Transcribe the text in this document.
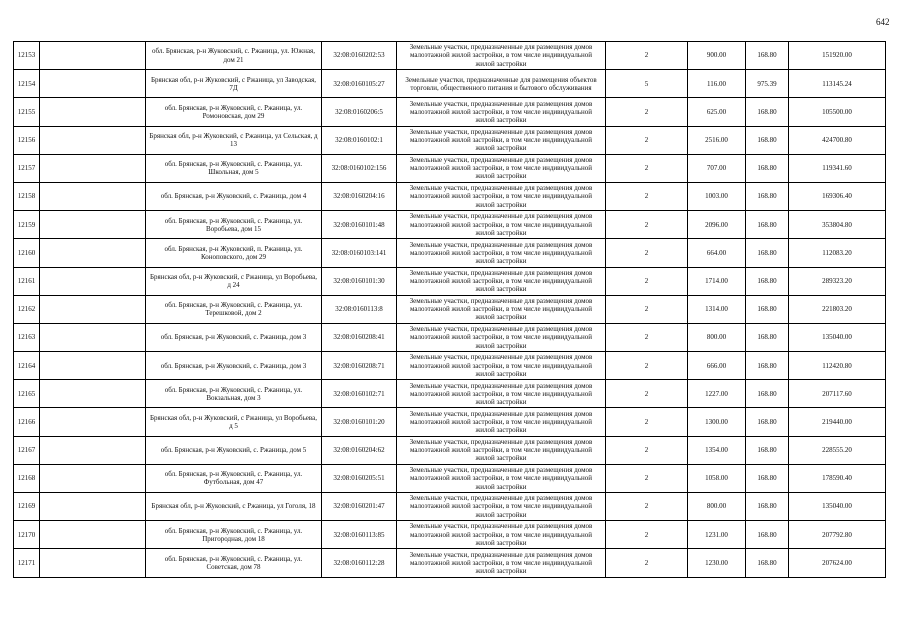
642
12153		обл. Брянская, р-н Жуковский, с. Ржаница, ул. Южная, дом 21	32:08:0160202:53	Земельные участки, предназначенные для размещения домов малоэтажной жилой застройки, в том числе индивидуальной жилой застройки	2	900.00	168.80	151920.00
12154		Брянская обл, р-н Жуковский, с Ржаница, ул Заводская, 7Д	32:08:0160105:27	Земельные участки, предназначенные для размещения объектов торговли, общественного питания и бытового обслуживания	5	116.00	975.39	113145.24
12155		обл. Брянская, р-н Жуковский, с. Ржаница, ул. Ромоновская, дом 29	32:08:0160206:5	Земельные участки, предназначенные для размещения домов малоэтажной жилой застройки, в том числе индивидуальной жилой застройки	2	625.00	168.80	105500.00
12156		Брянская обл, р-н Жуковский, с Ржаница, ул Сельская, д 13	32:08:0160102:1	Земельные участки, предназначенные для размещения домов малоэтажной жилой застройки, в том числе индивидуальной жилой застройки	2	2516.00	168.80	424700.80
12157		обл. Брянская, р-н Жуковский, с. Ржаница, ул. Школьная, дом 5	32:08:0160102:156	Земельные участки, предназначенные для размещения домов малоэтажной жилой застройки, в том числе индивидуальной жилой застройки	2	707.00	168.80	119341.60
12158		обл. Брянская, р-н Жуковский, с. Ржаница, дом 4	32:08:0160204:16	Земельные участки, предназначенные для размещения домов малоэтажной жилой застройки, в том числе индивидуальной жилой застройки	2	1003.00	168.80	169306.40
12159		обл. Брянская, р-н Жуковский, с. Ржаница, ул. Воробьева, дом 15	32:08:0160101:48	Земельные участки, предназначенные для размещения домов малоэтажной жилой застройки, в том числе индивидуальной жилой застройки	2	2096.00	168.80	353804.80
12160		обл. Брянская, р-н Жуковский, п. Ржаница, ул. Коноповского, дом 29	32:08:0160103:141	Земельные участки, предназначенные для размещения домов малоэтажной жилой застройки, в том числе индивидуальной жилой застройки	2	664.00	168.80	112083.20
12161		Брянская обл, р-н Жуковский, с Ржаница, ул Воробьева, д 24	32:08:0160101:30	Земельные участки, предназначенные для размещения домов малоэтажной жилой застройки, в том числе индивидуальной жилой застройки	2	1714.00	168.80	289323.20
12162		обл. Брянская, р-н Жуковский, с. Ржаница, ул. Терешковой, дом 2	32:08:0160113:8	Земельные участки, предназначенные для размещения домов малоэтажной жилой застройки, в том числе индивидуальной жилой застройки	2	1314.00	168.80	221803.20
12163		обл. Брянская, р-н Жуковский, с. Ржаница, дом 3	32:08:0160208:41	Земельные участки, предназначенные для размещения домов малоэтажной жилой застройки, в том числе индивидуальной жилой застройки	2	800.00	168.80	135040.00
12164		обл. Брянская, р-н Жуковский, с. Ржаница, дом 3	32:08:0160208:71	Земельные участки, предназначенные для размещения домов малоэтажной жилой застройки, в том числе индивидуальной жилой застройки	2	666.00	168.80	112420.80
12165		обл. Брянская, р-н Жуковский, с. Ржаница, ул. Вокзальная, дом 3	32:08:0160102:71	Земельные участки, предназначенные для размещения домов малоэтажной жилой застройки, в том числе индивидуальной жилой застройки	2	1227.00	168.80	207117.60
12166		Брянская обл, р-н Жуковский, с Ржаница, ул Воробьева, д 5	32:08:0160101:20	Земельные участки, предназначенные для размещения домов малоэтажной жилой застройки, в том числе индивидуальной жилой застройки	2	1300.00	168.80	219440.00
12167		обл. Брянская, р-н Жуковский, с. Ржаница, дом 5	32:08:0160204:62	Земельные участки, предназначенные для размещения домов малоэтажной жилой застройки, в том числе индивидуальной жилой застройки	2	1354.00	168.80	228555.20
12168		обл. Брянская, р-н Жуковский, с. Ржаница, ул. Футбольная, дом 47	32:08:0160205:51	Земельные участки, предназначенные для размещения домов малоэтажной жилой застройки, в том числе индивидуальной жилой застройки	2	1058.00	168.80	178590.40
12169		Брянская обл, р-н Жуковский, с Ржаница, ул Гоголя, 18	32:08:0160201:47	Земельные участки, предназначенные для размещения домов малоэтажной жилой застройки, в том числе индивидуальной жилой застройки	2	800.00	168.80	135040.00
12170		обл. Брянская, р-н Жуковский, с. Ржаница, ул. Пригородная, дом 18	32:08:0160113:85	Земельные участки, предназначенные для размещения домов малоэтажной жилой застройки, в том числе индивидуальной жилой застройки	2	1231.00	168.80	207792.80
12171		обл. Брянская, р-н Жуковский, с. Ржаница, ул. Советская, дом 78	32:08:0160112:28	Земельные участки, предназначенные для размещения домов малоэтажной жилой застройки, в том числе индивидуальной жилой застройки	2	1230.00	168.80	207624.00
